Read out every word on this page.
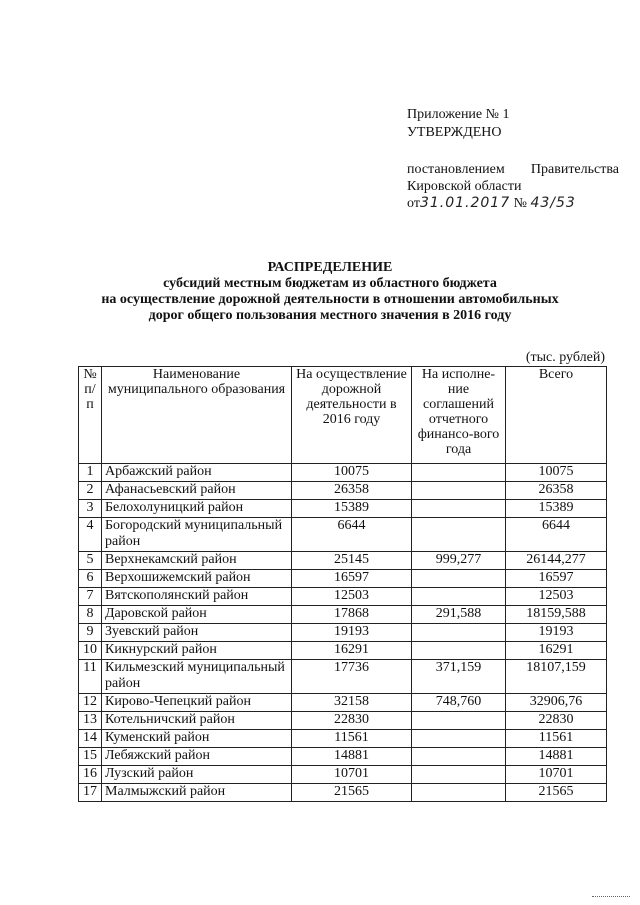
Приложение № 1
УТВЕРЖДЕНО
постановлением Правительства
Кировской области
от31.01.2017 № 43/53
РАСПРЕДЕЛЕНИЕ
субсидий местным бюджетам из областного бюджета
на осуществление дорожной деятельности в отношении автомобильных
дорог общего пользования местного значения в 2016 году
(тыс. рублей)
№ п/п	Наименование муниципального образования	На осуществление дорожной деятельности в 2016 году	На исполне-ние соглашений отчетного финансо-вого года	Всего
1	Арбажский район	10075		10075
2	Афанасьевский район	26358		26358
3	Белохолуницкий район	15389		15389
4	Богородский муниципальный район	6644		6644
5	Верхнекамский район	25145	999,277	26144,277
6	Верхошижемский район	16597		16597
7	Вятскополянский район	12503		12503
8	Даровской район	17868	291,588	18159,588
9	Зуевский район	19193		19193
10	Кикнурский район	16291		16291
11	Кильмезский муниципальный район	17736	371,159	18107,159
12	Кирово-Чепецкий район	32158	748,760	32906,76
13	Котельничский район	22830		22830
14	Куменский район	11561		11561
15	Лебяжский район	14881		14881
16	Лузский район	10701		10701
17	Малмыжский район	21565		21565
